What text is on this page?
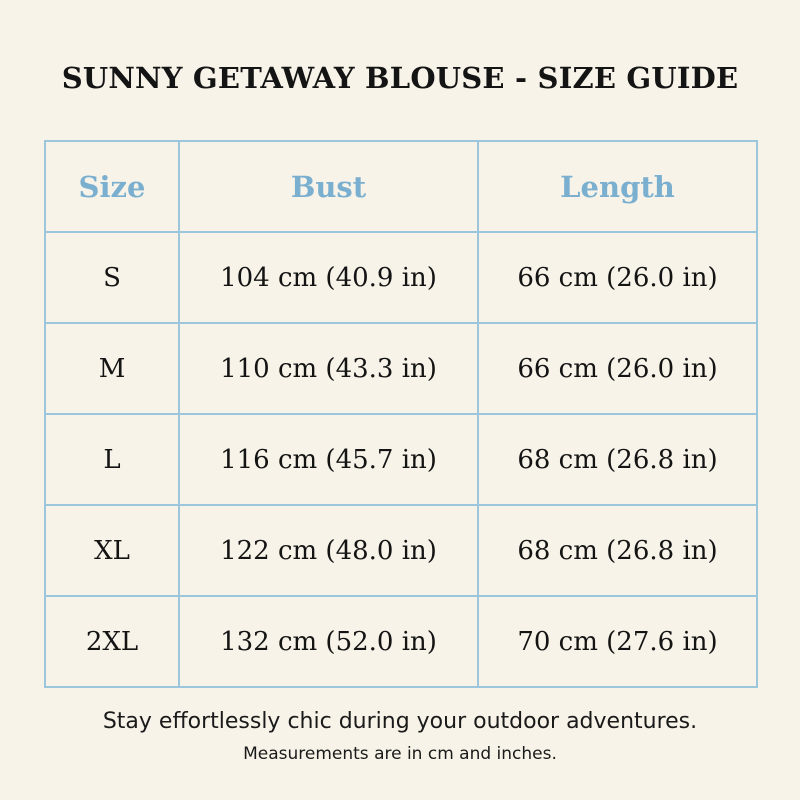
SUNNY GETAWAY BLOUSE - SIZE GUIDE
Size	Bust	Length
S	104 cm (40.9 in)	66 cm (26.0 in)
M	110 cm (43.3 in)	66 cm (26.0 in)
L	116 cm (45.7 in)	68 cm (26.8 in)
XL	122 cm (48.0 in)	68 cm (26.8 in)
2XL	132 cm (52.0 in)	70 cm (27.6 in)
Stay effortlessly chic during your outdoor adventures.
Measurements are in cm and inches.
